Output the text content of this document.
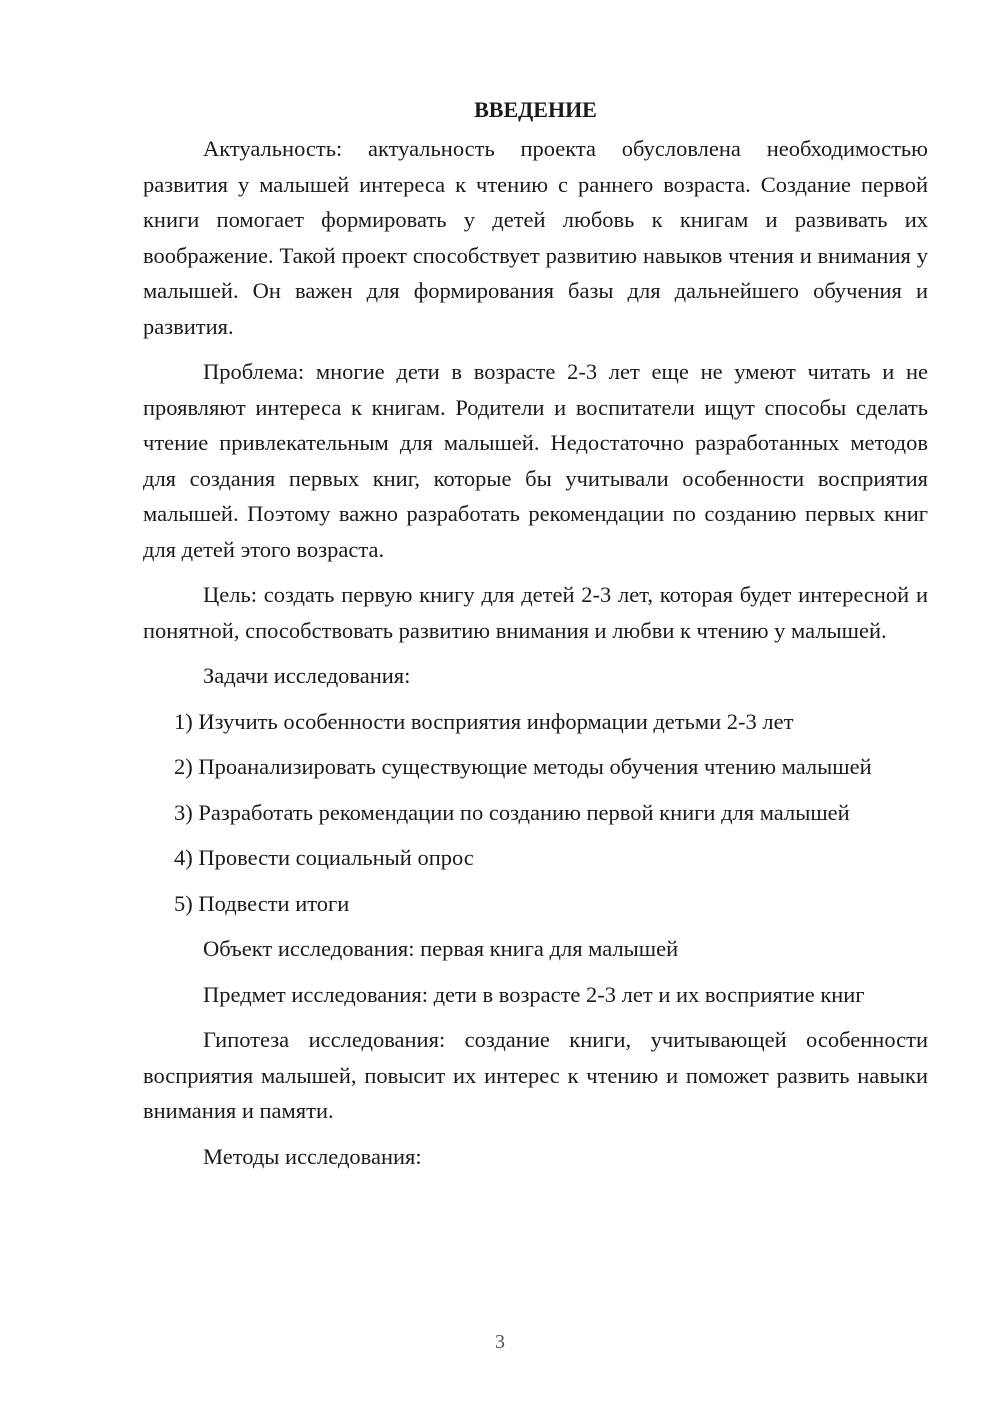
ВВЕДЕНИЕ

Актуальность: актуальность проекта обусловлена необходимостью развития у малышей интереса к чтению с раннего возраста. Создание первой книги помогает формировать у детей любовь к книгам и развивать их воображение. Такой проект способствует развитию навыков чтения и внимания у малышей. Он важен для формирования базы для дальнейшего обучения и развития.

Проблема: многие дети в возрасте 2-3 лет еще не умеют читать и не проявляют интереса к книгам. Родители и воспитатели ищут способы сделать чтение привлекательным для малышей. Недостаточно разработанных методов для создания первых книг, которые бы учитывали особенности восприятия малышей. Поэтому важно разработать рекомендации по созданию первых книг для детей этого возраста.

Цель: создать первую книгу для детей 2-3 лет, которая будет интересной и понятной, способствовать развитию внимания и любви к чтению у малышей.

Задачи исследования:

1) Изучить особенности восприятия информации детьми 2-3 лет

2) Проанализировать существующие методы обучения чтению малышей

3) Разработать рекомендации по созданию первой книги для малышей

4) Провести социальный опрос

5) Подвести итоги

Объект исследования: первая книга для малышей

Предмет исследования: дети в возрасте 2-3 лет и их восприятие книг

Гипотеза исследования: создание книги, учитывающей особенности восприятия малышей, повысит их интерес к чтению и поможет развить навыки внимания и памяти.

Методы исследования:

3
